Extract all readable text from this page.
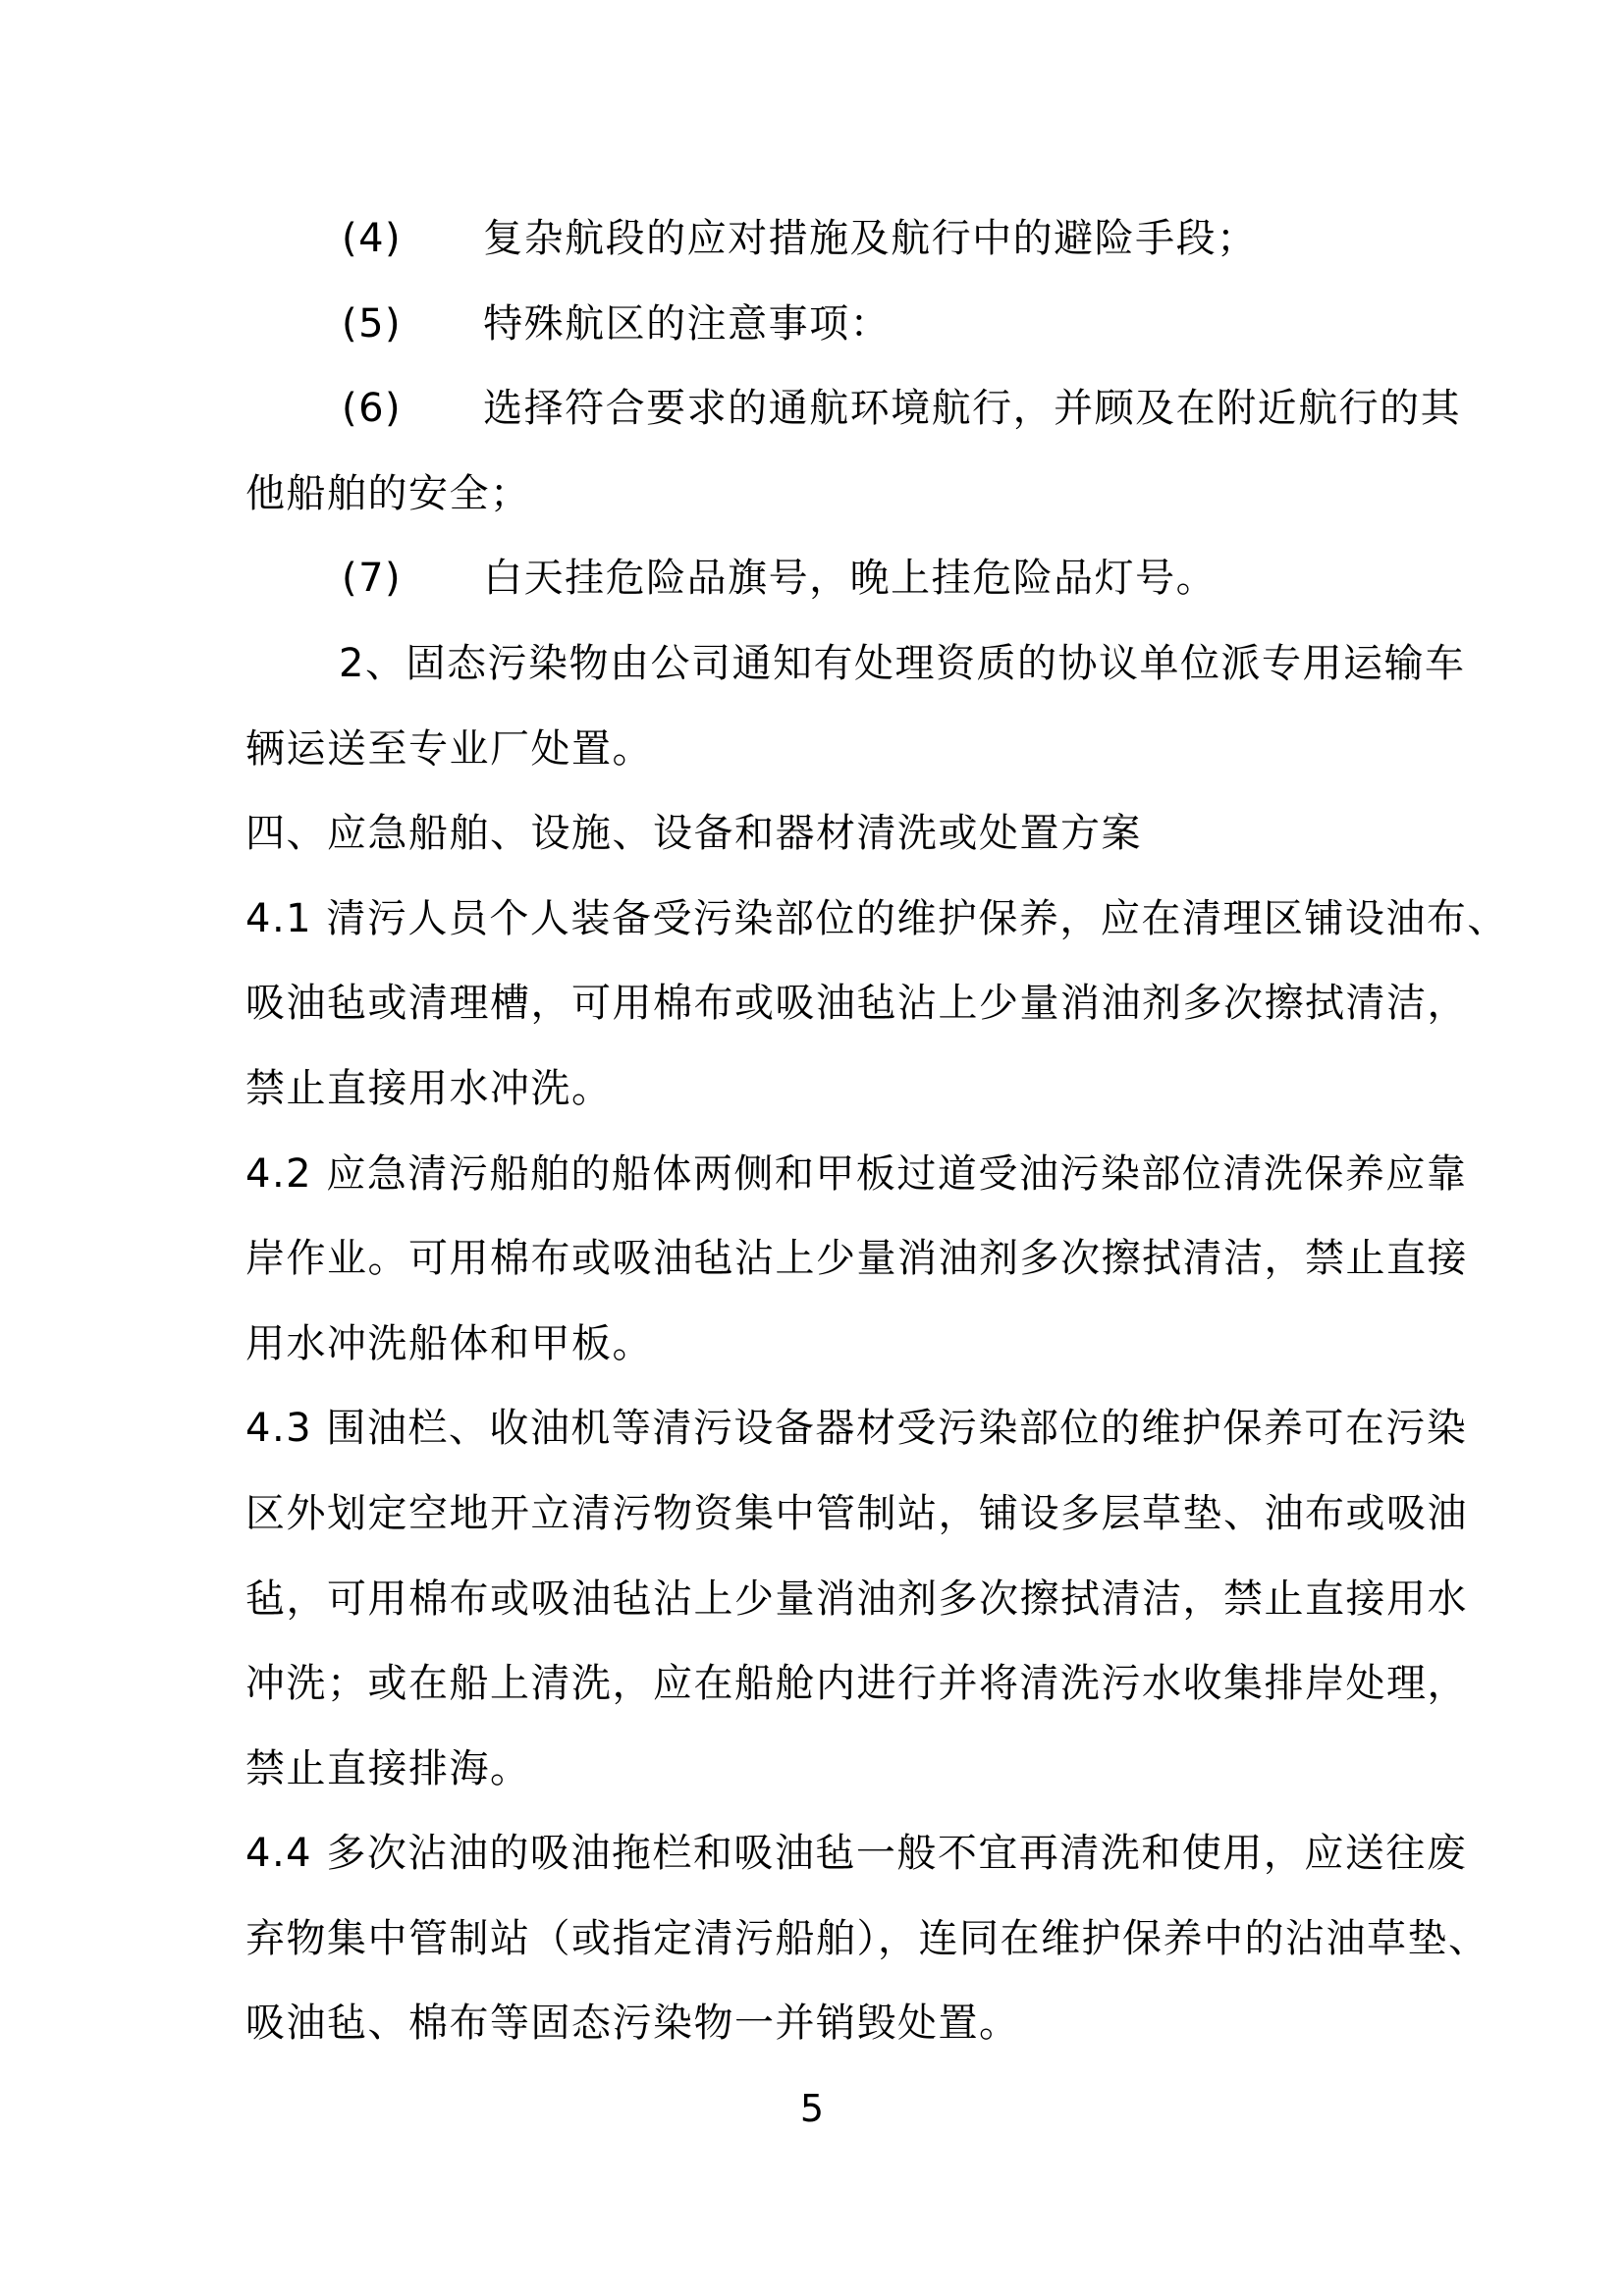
(4)　　复杂航段的应对措施及航行中的避险手段；
(5)　　特殊航区的注意事项：
(6)　　选择符合要求的通航环境航行，并顾及在附近航行的其
他船舶的安全；
(7)　　白天挂危险品旗号，晚上挂危险品灯号。
2、固态污染物由公司通知有处理资质的协议单位派专用运输车
辆运送至专业厂处置。
四、应急船舶、设施、设备和器材清洗或处置方案
4.1 清污人员个人装备受污染部位的维护保养，应在清理区铺设油布、
吸油毡或清理槽，可用棉布或吸油毡沾上少量消油剂多次擦拭清洁，
禁止直接用水冲洗。
4.2 应急清污船舶的船体两侧和甲板过道受油污染部位清洗保养应靠
岸作业。可用棉布或吸油毡沾上少量消油剂多次擦拭清洁，禁止直接
用水冲洗船体和甲板。
4.3 围油栏、收油机等清污设备器材受污染部位的维护保养可在污染
区外划定空地开立清污物资集中管制站，铺设多层草垫、油布或吸油
毡，可用棉布或吸油毡沾上少量消油剂多次擦拭清洁，禁止直接用水
冲洗；或在船上清洗，应在船舱内进行并将清洗污水收集排岸处理，
禁止直接排海。
4.4 多次沾油的吸油拖栏和吸油毡一般不宜再清洗和使用，应送往废
弃物集中管制站（或指定清污船舶），连同在维护保养中的沾油草垫、
吸油毡、棉布等固态污染物一并销毁处置。
5
